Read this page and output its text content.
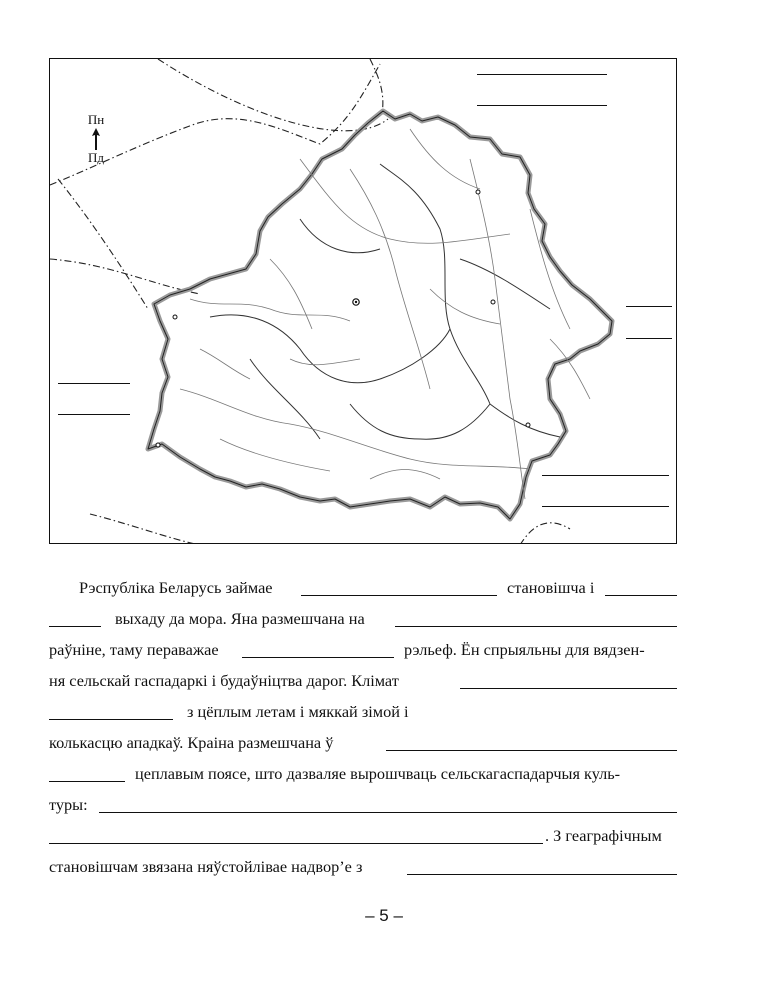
Пн
Пд
Рэспубліка Беларусь займае	становішча і
выхаду да мора. Яна размешчана на
раўніне, таму пераважае	рэльеф. Ён спрыяльны для вядзен-
ня сельскай гаспадаркі і будаўніцтва дарог. Клімат
з цёплым летам і мяккай зімой і
колькасцю ападкаў. Краіна размешчана ў
цеплавым поясе, што дазваляе вырошчваць сельскагаспадарчыя куль-
туры:
. З геаграфічным
становішчам звязана няўстойлівае надвор’е з
– 5 –
